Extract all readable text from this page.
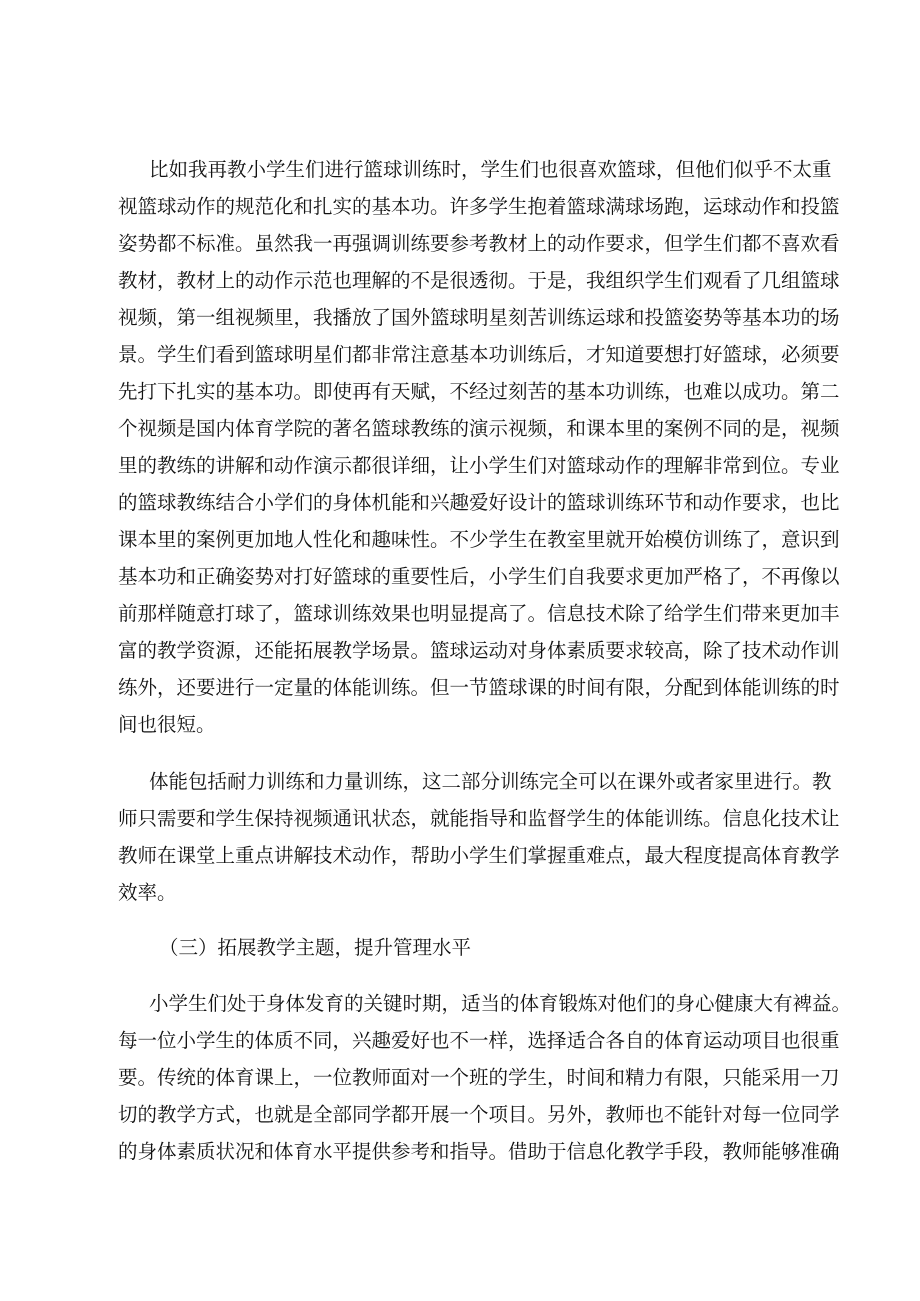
比如我再教小学生们进行篮球训练时，学生们也很喜欢篮球，但他们似乎不太重
视篮球动作的规范化和扎实的基本功。许多学生抱着篮球满球场跑，运球动作和投篮
姿势都不标准。虽然我一再强调训练要参考教材上的动作要求，但学生们都不喜欢看
教材，教材上的动作示范也理解的不是很透彻。于是，我组织学生们观看了几组篮球
视频，第一组视频里，我播放了国外篮球明星刻苦训练运球和投篮姿势等基本功的场
景。学生们看到篮球明星们都非常注意基本功训练后，才知道要想打好篮球，必须要
先打下扎实的基本功。即使再有天赋，不经过刻苦的基本功训练，也难以成功。第二
个视频是国内体育学院的著名篮球教练的演示视频，和课本里的案例不同的是，视频
里的教练的讲解和动作演示都很详细，让小学生们对篮球动作的理解非常到位。专业
的篮球教练结合小学们的身体机能和兴趣爱好设计的篮球训练环节和动作要求，也比
课本里的案例更加地人性化和趣味性。不少学生在教室里就开始模仿训练了，意识到
基本功和正确姿势对打好篮球的重要性后，小学生们自我要求更加严格了，不再像以
前那样随意打球了，篮球训练效果也明显提高了。信息技术除了给学生们带来更加丰
富的教学资源，还能拓展教学场景。篮球运动对身体素质要求较高，除了技术动作训
练外，还要进行一定量的体能训练。但一节篮球课的时间有限，分配到体能训练的时
间也很短。
体能包括耐力训练和力量训练，这二部分训练完全可以在课外或者家里进行。教
师只需要和学生保持视频通讯状态，就能指导和监督学生的体能训练。信息化技术让
教师在课堂上重点讲解技术动作，帮助小学生们掌握重难点，最大程度提高体育教学
效率。
（三）拓展教学主题，提升管理水平
小学生们处于身体发育的关键时期，适当的体育锻炼对他们的身心健康大有裨益。
每一位小学生的体质不同，兴趣爱好也不一样，选择适合各自的体育运动项目也很重
要。传统的体育课上，一位教师面对一个班的学生，时间和精力有限，只能采用一刀
切的教学方式，也就是全部同学都开展一个项目。另外，教师也不能针对每一位同学
的身体素质状况和体育水平提供参考和指导。借助于信息化教学手段，教师能够准确
